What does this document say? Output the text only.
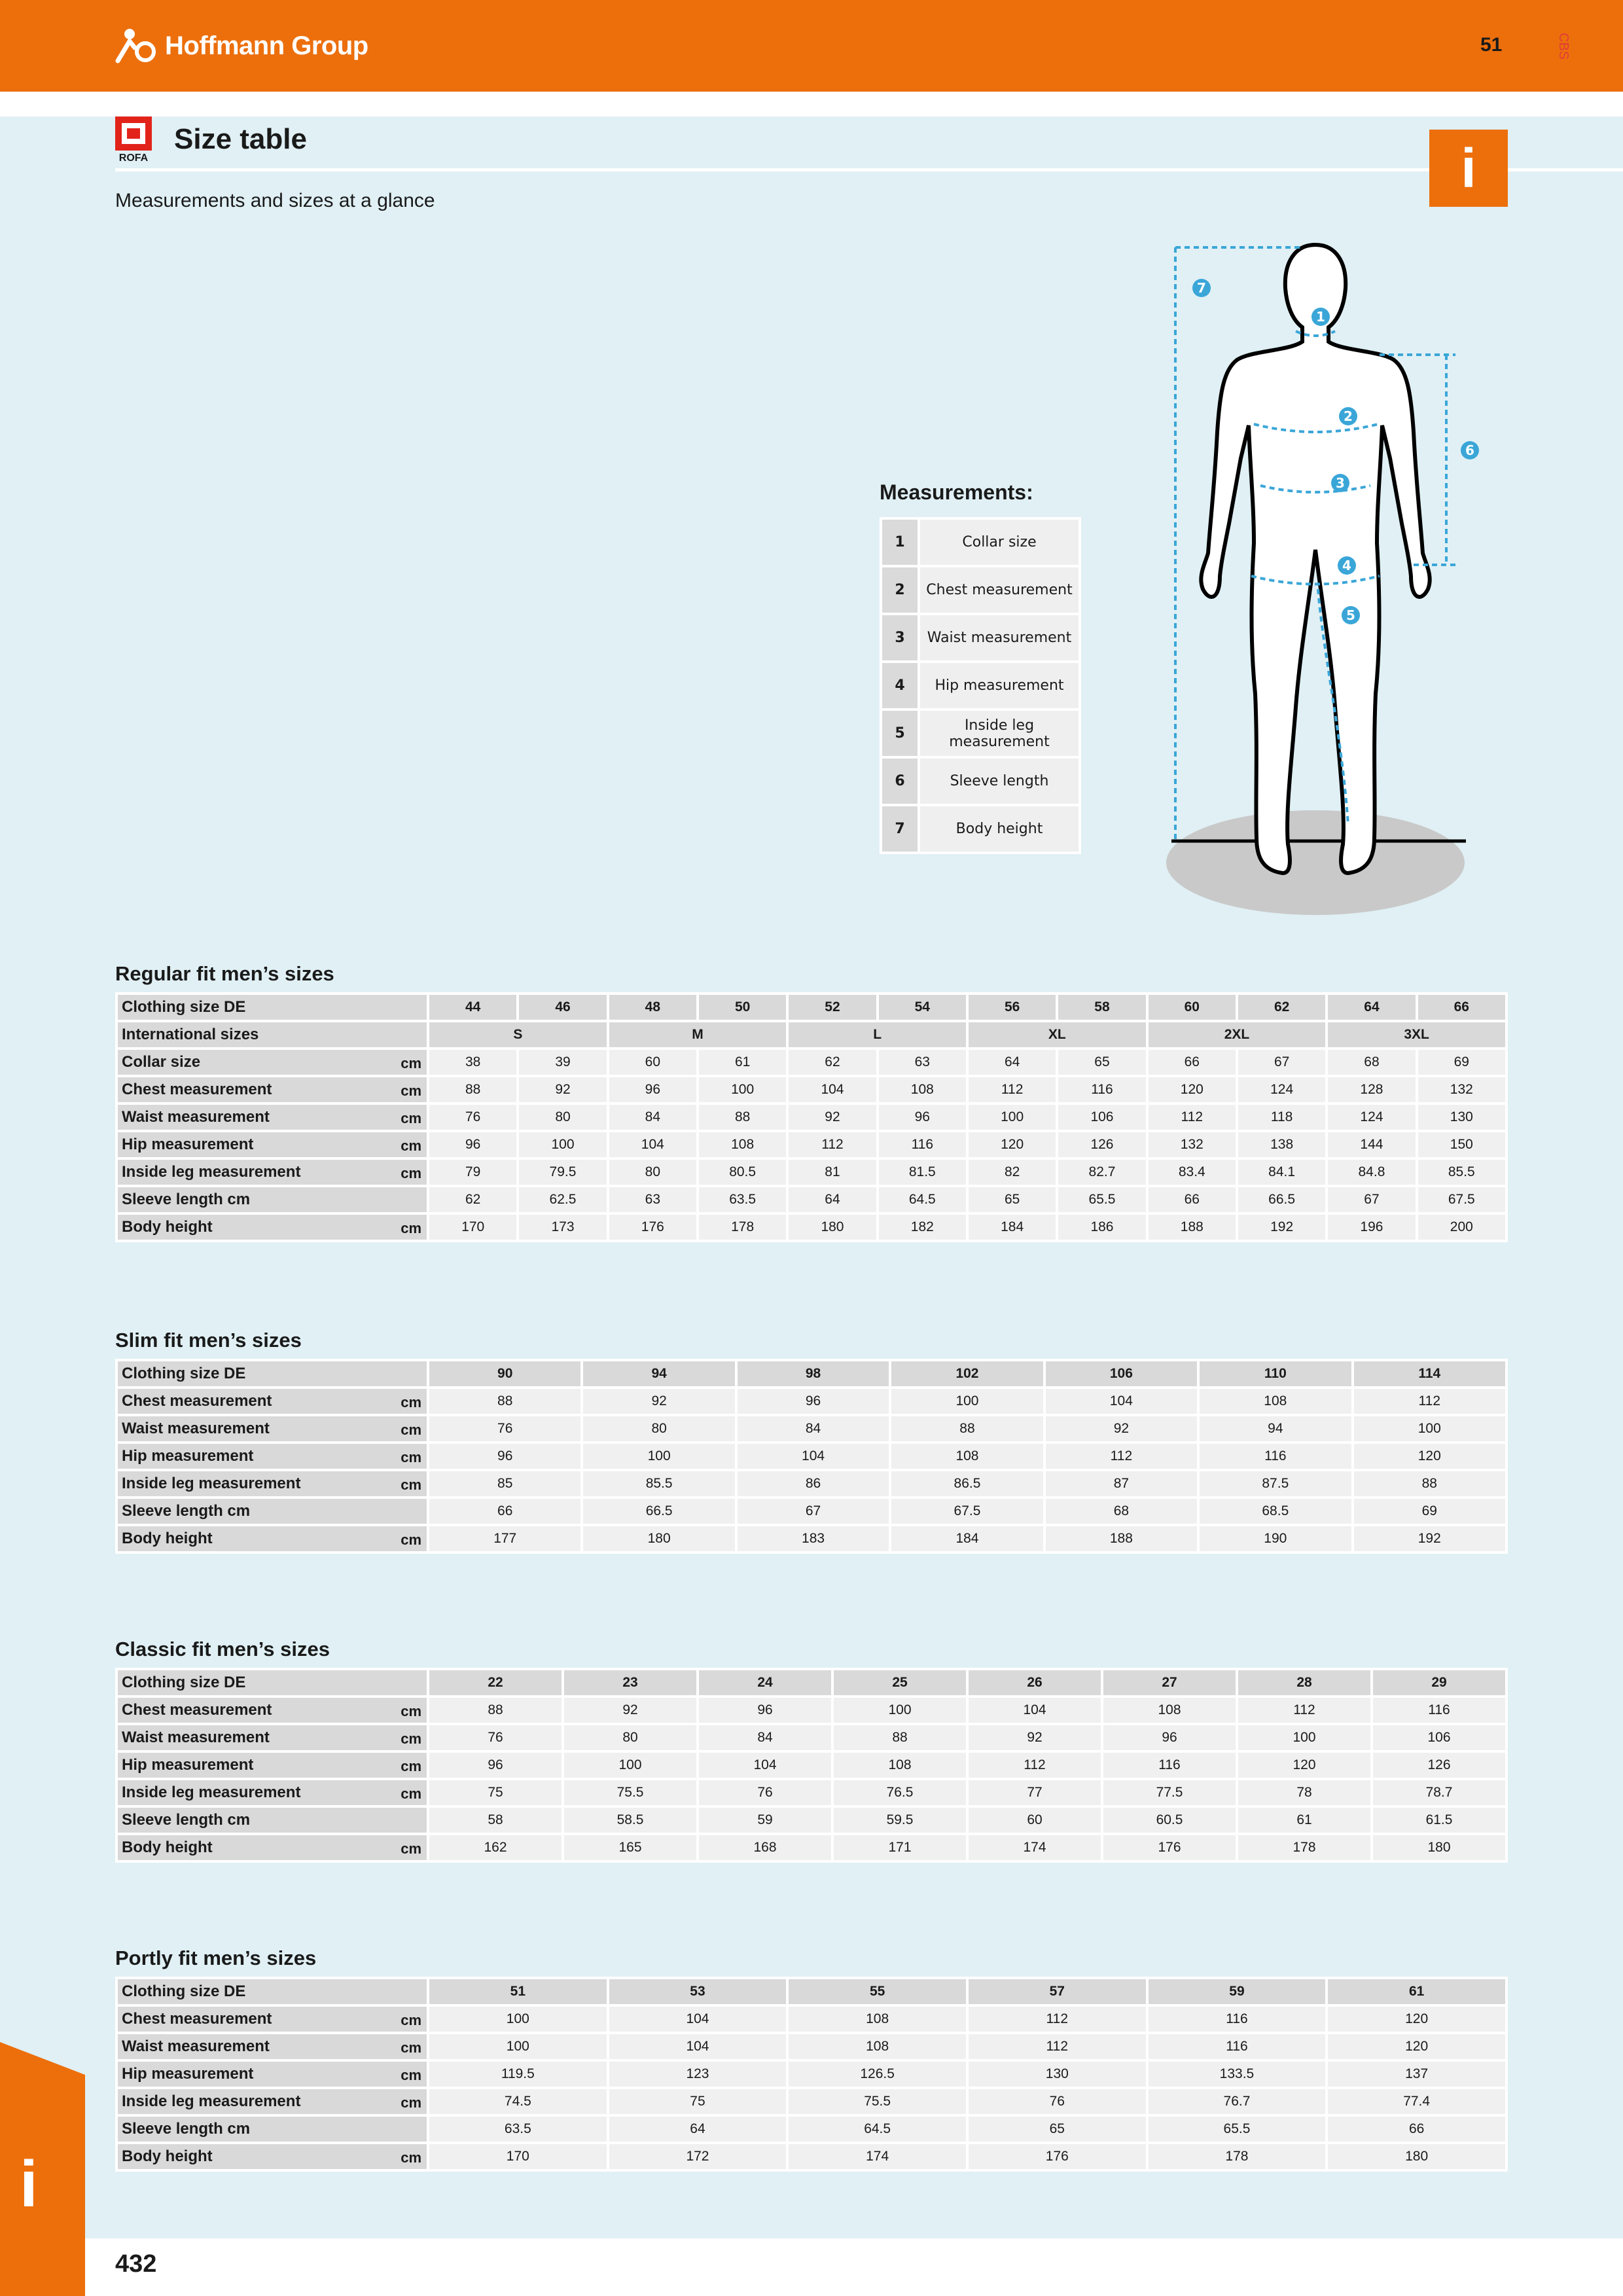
Hoffmann Group	51	CBS
ROFA
Size table
Measurements and sizes at a glance
i
Measurements:
1	Collar size
2	Chest measurement
3	Waist measurement
4	Hip measurement
5	Inside leg measurement
6	Sleeve length
7	Body height
1
2
3
4
5
6
7
Regular fit men’s sizes
Clothing size DE	44	46	48	50	52	54	56	58	60	62	64	66
International sizes	S		M		L		XL		2XL		3XL	
Collar size cm	38	39	60	61	62	63	64	65	66	67	68	69
Chest measurement cm	88	92	96	100	104	108	112	116	120	124	128	132
Waist measurement cm	76	80	84	88	92	96	100	106	112	118	124	130
Hip measurement cm	96	100	104	108	112	116	120	126	132	138	144	150
Inside leg measurement cm	79	79.5	80	80.5	81	81.5	82	82.7	83.4	84.1	84.8	85.5
Sleeve length cm	62	62.5	63	63.5	64	64.5	65	65.5	66	66.5	67	67.5
Body height cm	170	173	176	178	180	182	184	186	188	192	196	200
Slim fit men’s sizes
Clothing size DE	90	94	98	102	106	110	114
Chest measurement cm	88	92	96	100	104	108	112
Waist measurement cm	76	80	84	88	92	94	100
Hip measurement cm	96	100	104	108	112	116	120
Inside leg measurement cm	85	85.5	86	86.5	87	87.5	88
Sleeve length cm	66	66.5	67	67.5	68	68.5	69
Body height cm	177	180	183	184	188	190	192
Classic fit men’s sizes
Clothing size DE	22	23	24	25	26	27	28	29
Chest measurement cm	88	92	96	100	104	108	112	116
Waist measurement cm	76	80	84	88	92	96	100	106
Hip measurement cm	96	100	104	108	112	116	120	126
Inside leg measurement cm	75	75.5	76	76.5	77	77.5	78	78.7
Sleeve length cm	58	58.5	59	59.5	60	60.5	61	61.5
Body height cm	162	165	168	171	174	176	178	180
Portly fit men’s sizes
Clothing size DE	51	53	55	57	59	61
Chest measurement cm	100	104	108	112	116	120
Waist measurement cm	100	104	108	112	116	120
Hip measurement cm	119.5	123	126.5	130	133.5	137
Inside leg measurement cm	74.5	75	75.5	76	76.7	77.4
Sleeve length cm	63.5	64	64.5	65	65.5	66
Body height cm	170	172	174	176	178	180
i
432
